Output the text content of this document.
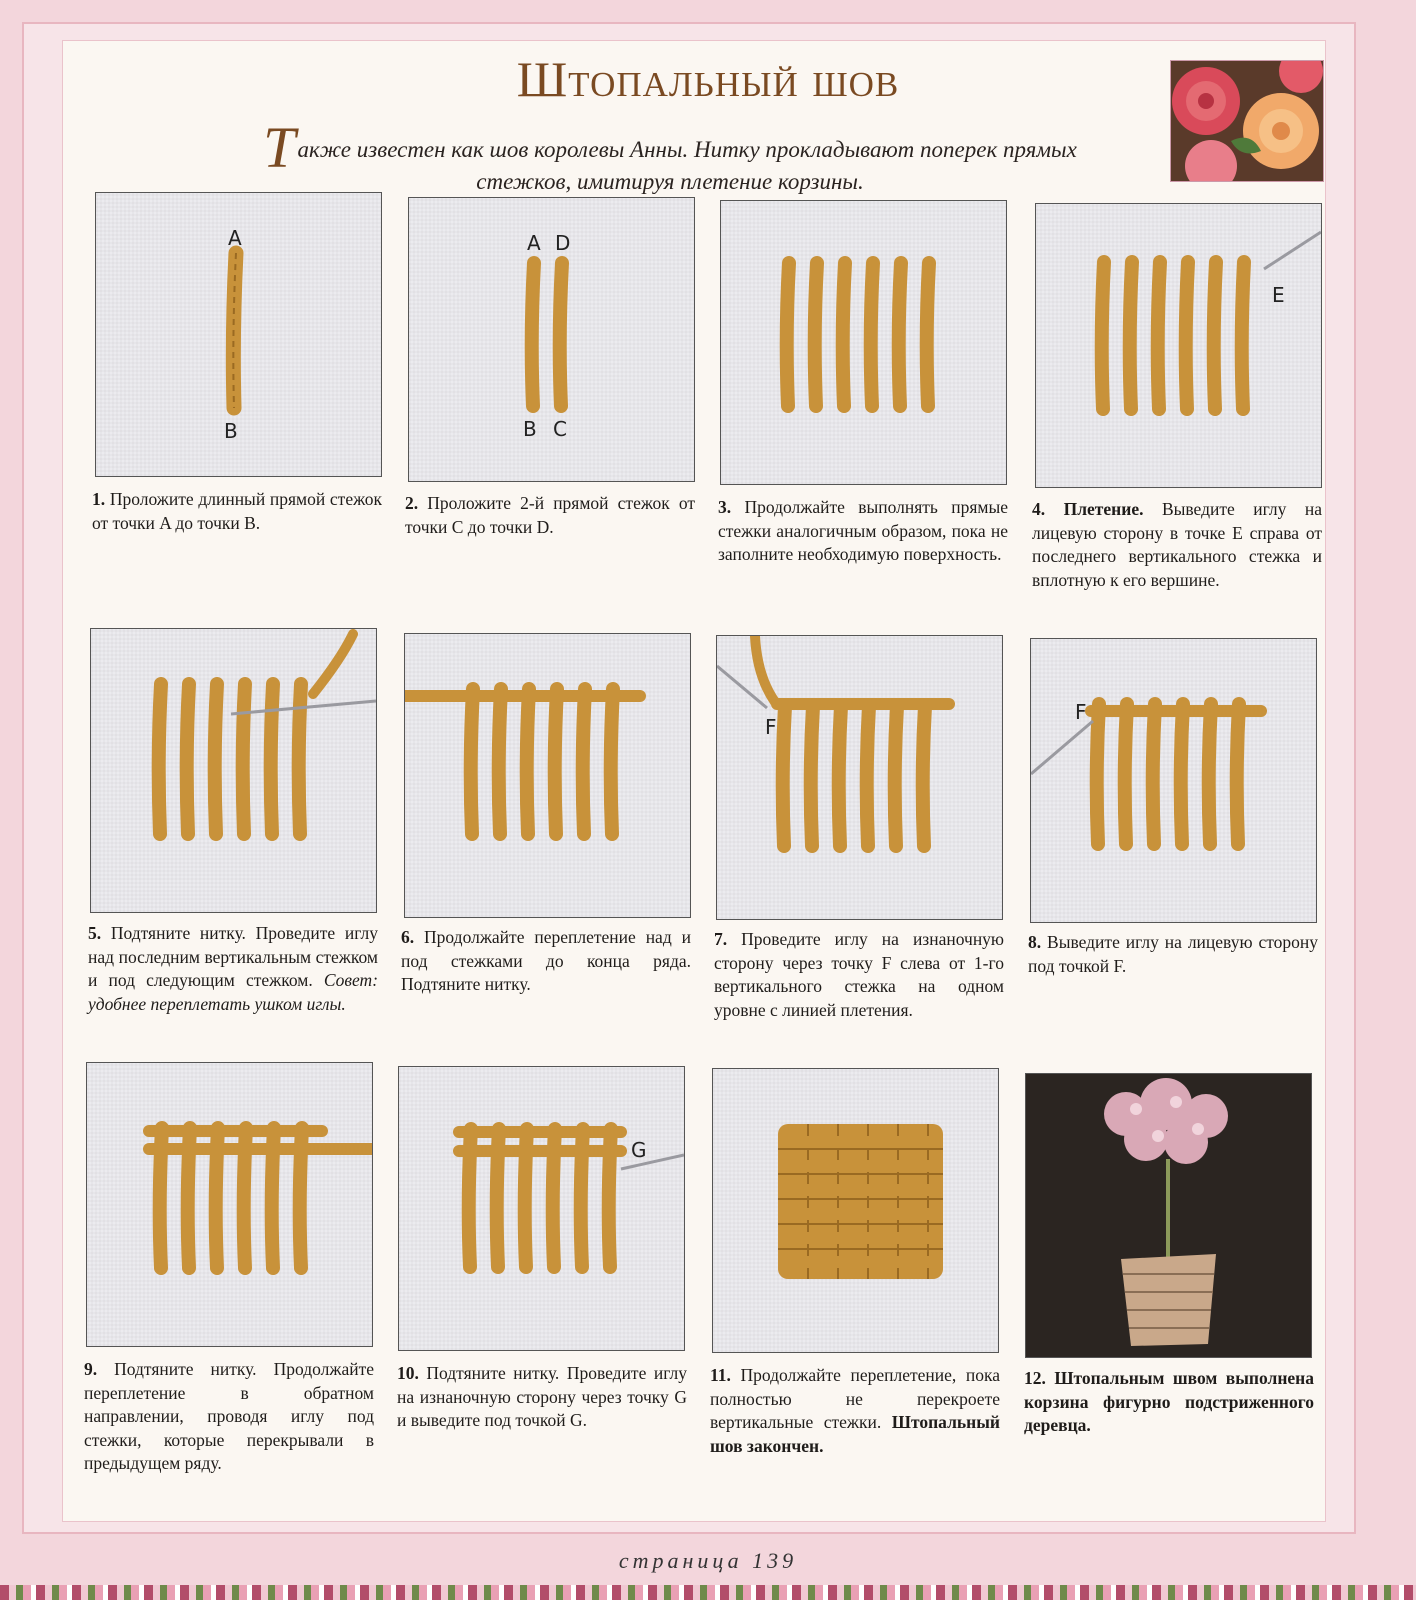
Штопальный шов
Также известен как шов королевы Анны. Нитку прокладывают поперек прямых стежков, имитируя плетение корзины.
A
B
A D
B C
E
1. Проложите длинный прямой стежок от точки A до точки B.
2. Проложите 2-й прямой стежок от точки C до точки D.
3. Продолжайте выполнять прямые стежки аналогичным образом, пока не заполните необходимую поверхность.
4. Плетение. Выведите иглу на лицевую сторону в точке E справа от последнего вертикального стежка и вплотную к его вершине.
F
F
5. Подтяните нитку. Проведите иглу над последним вертикальным стежком и под следующим стежком. Совет: удобнее переплетать ушком иглы.
6. Продолжайте переплетение над и под стежками до конца ряда. Подтяните нитку.
7. Проведите иглу на изнаночную сторону через точку F слева от 1-го вертикального стежка на одном уровне с линией плетения.
8. Выведите иглу на лицевую сторону под точкой F.
G
9. Подтяните нитку. Продолжайте переплетение в обратном направлении, проводя иглу под стежки, которые перекрывали в предыдущем ряду.
10. Подтяните нитку. Проведите иглу на изнаночную сторону через точку G и выведите под точкой G.
11. Продолжайте переплетение, пока полностью не перекроете вертикальные стежки. Штопальный шов закончен.
12. Штопальным швом выполнена корзина фигурно подстриженного деревца.
страница 139
